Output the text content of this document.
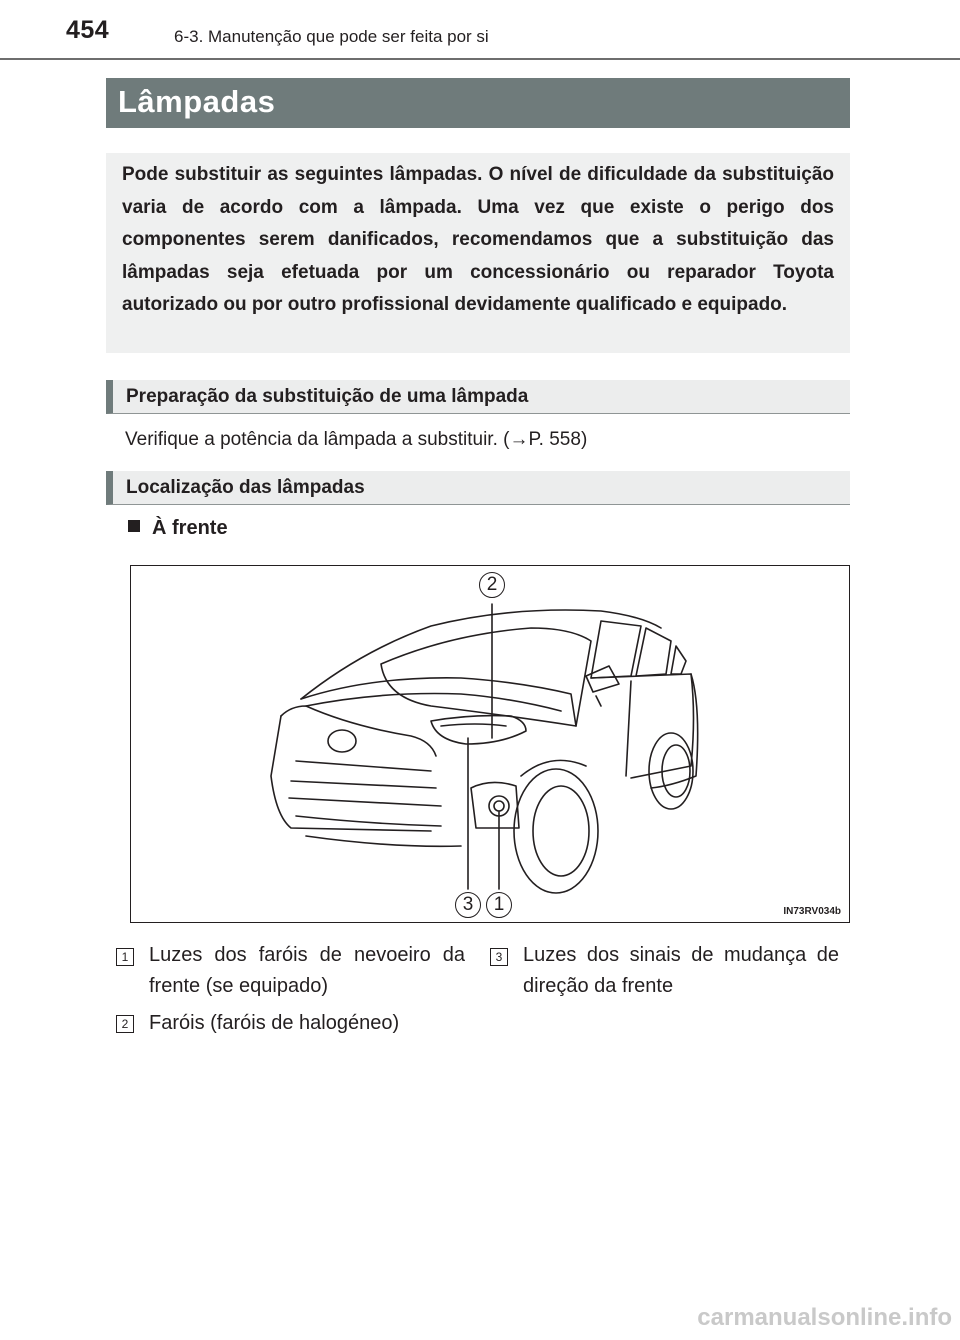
454	6-3. Manutenção que pode ser feita por si
Lâmpadas

Pode substituir as seguintes lâmpadas. O nível de dificuldade da substituição varia de acordo com a lâmpada. Uma vez que existe o perigo dos componentes serem danificados, recomendamos que a substituição das lâmpadas seja efetuada por um concessionário ou reparador Toyota autorizado ou por outro profissional devidamente qualificado e equipado.

Preparação da substituição de uma lâmpada
Verifique a potência da lâmpada a substituir. (→P. 558)
Localização das lâmpadas
À frente
2
3	1	IN73RV034b
1 Luzes dos faróis de nevoeiro da frente (se equipado)
2 Faróis (faróis de halogéneo)
3 Luzes dos sinais de mudança de direção da frente
carmanualsonline.info
